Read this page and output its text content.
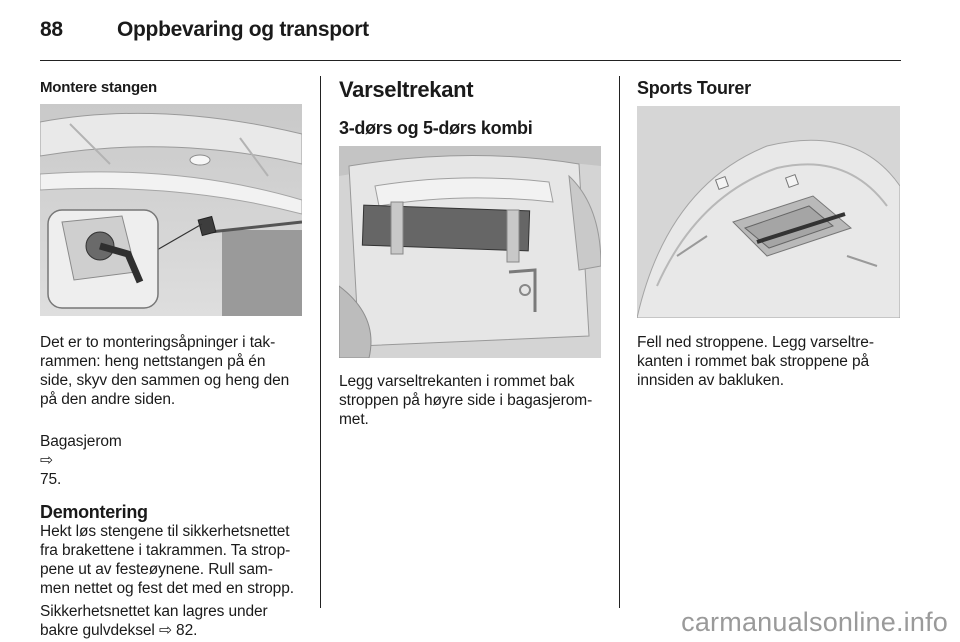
88	Oppbevaring og transport
Montere stangen

Det er to monteringsåpninger i tak-
rammen: heng nettstangen på én
side, skyv den sammen og heng den
på den andre siden.

Bagasjerom
⇨
75.

Demontering

Hekt løs stengene til sikkerhetsnettet
fra brakettene i takrammen. Ta strop-
pene ut av festeøynene. Rull sam-
men nettet og fest det med en stropp.

Sikkerhetsnettet kan lagres under
bakre gulvdeksel ⇨ 82.

Varseltrekant
3-dørs og 5-dørs kombi

Legg varseltrekanten i rommet bak
stroppen på høyre side i bagasjerom-
met.

Sports Tourer

Fell ned stroppene. Legg varseltre-
kanten i rommet bak stroppene på
innsiden av bakluken.

carmanualsonline.info
